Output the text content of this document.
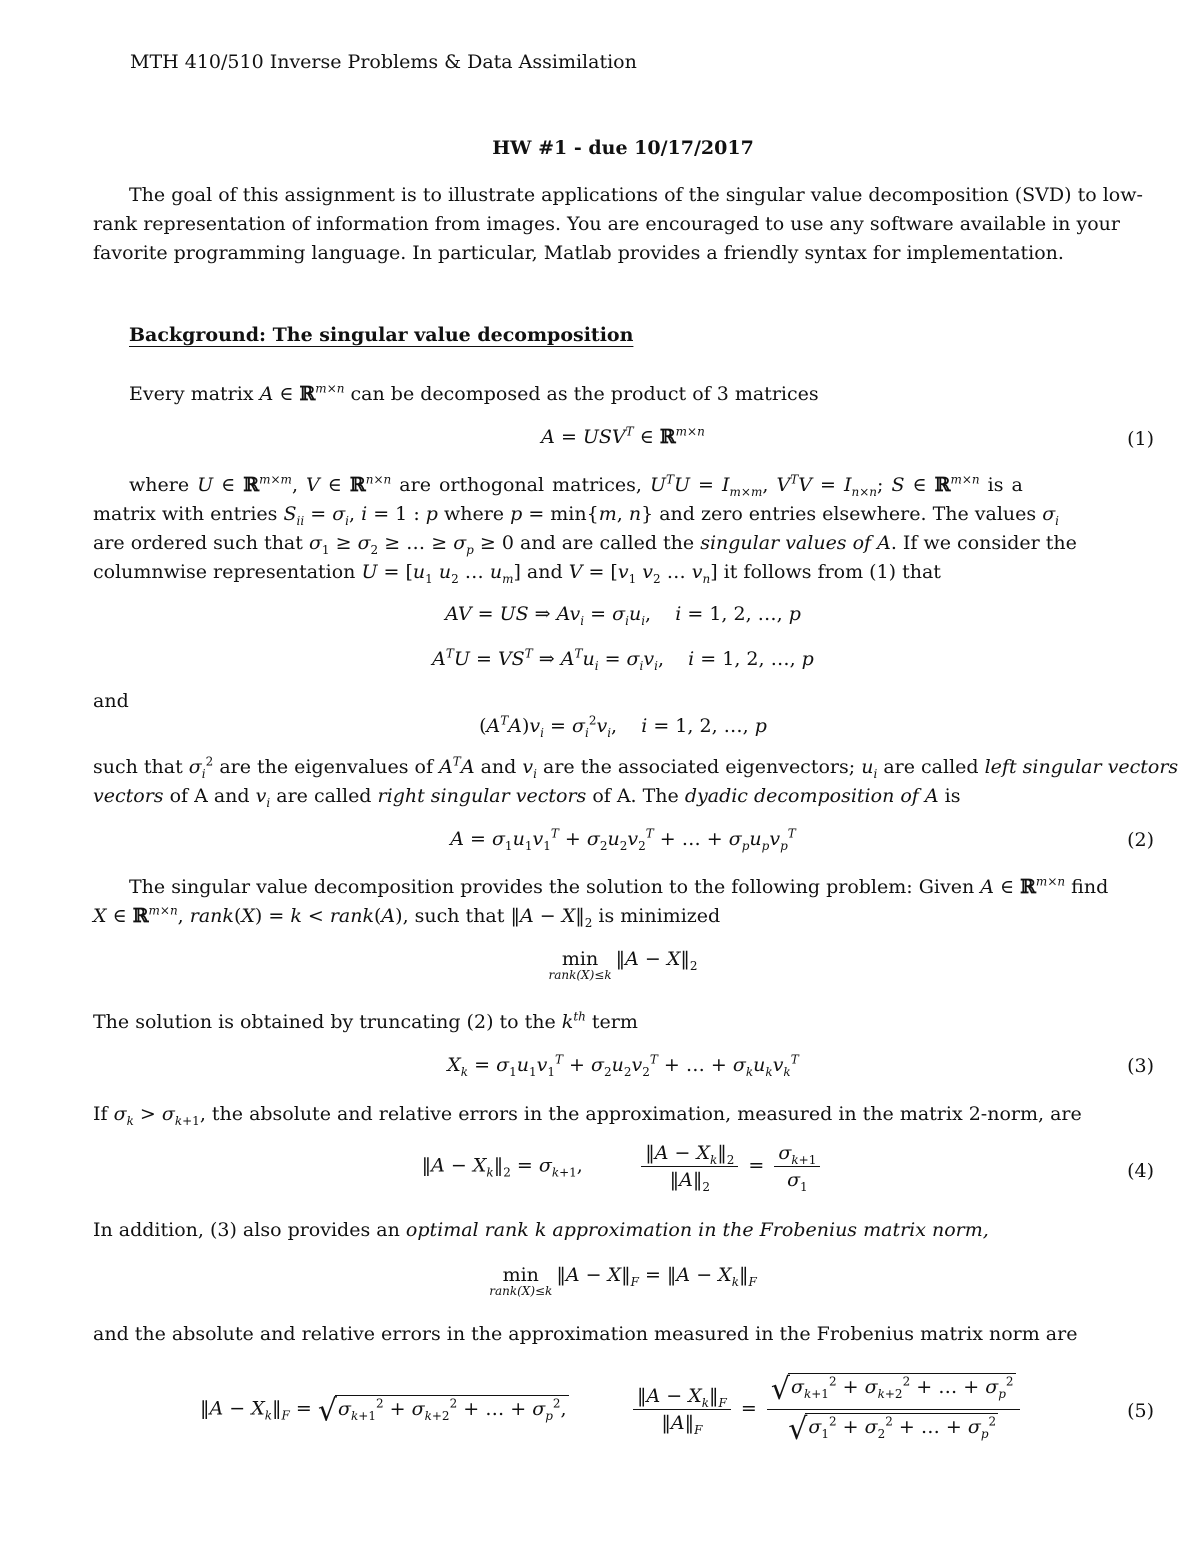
MTH 410/510 Inverse Problems & Data Assimilation
HW #1 - due 10/17/2017
The goal of this assignment is to illustrate applications of the singular value decomposition (SVD) to low-rank representation of information from images. You are encouraged to use any software available in your favorite programming language. In particular, Matlab provides a friendly syntax for implementation.
Background: The singular value decomposition
Every matrix A ∈ ℝ$^{m\times n}$ can be decomposed as the product of 3 matrices
$A = USV^T$ ∈ ℝ$^{m\times n}$	(1)
where U ∈ ℝ$^{m\times m}$, V ∈ ℝ$^{n\times n}$ are orthogonal matrices, $U^TU = I_{m\times m}$, $V^TV = I_{n\times n}$; S ∈ ℝ$^{m\times n}$ is a
matrix with entries $S_{ii} = \sigma_i$, i = 1 : p where p = min{m, n} and zero entries elsewhere. The values $\sigma_i$
are ordered such that $\sigma_1 \ge \sigma_2$ ≥ … ≥ $\sigma_p \ge 0$ and are called the singular values of A. If we consider the
columnwise representation $U = [u_1$ $u_2$ … $u_m$] and $V = [v_1$ $v_2$ … $v_n$] it follows from (1) that
AV = US ⇒ $Av_i = \sigma_iu_i$,    i = 1, 2, …, p
$A^TU = VS^T$ ⇒ $A^Tu_i = \sigma_iv_i$,    i = 1, 2, …, p
and
$(A^TA)v_i = \sigma_i^2v_i$,    i = 1, 2, …, p
such that $\sigma_i^2$ are the eigenvalues of $A^TA$ and $v_i$ are the associated eigenvectors; $u_i$ are called left singular vectors
vectors of A and $v_i$ are called right singular vectors of A. The dyadic decomposition of A is
$A = \sigma_1u_1v_1^T + \sigma_2u_2v_2^T$ + … + $\sigma_pu_pv_p^T$	(2)
The singular value decomposition provides the solution to the following problem: Given A ∈ ℝ$^{m\times n}$ find
X ∈ ℝ$^{m\times n}$, rank(X) = k < rank(A), such that ‖A − $X‖_2$ is minimized
min
rank(X)≤k
‖A − $X‖_2$
The solution is obtained by truncating (2) to the $k^{th}$ term
$X_k = \sigma_1u_1v_1^T + \sigma_2u_2v_2^T$ + … + $\sigma_ku_kv_k^T$	(3)
If $\sigma_k > \sigma_{k+1}$, the absolute and relative errors in the approximation, measured in the matrix 2-norm, are
‖A − $X_k‖_2 = \sigma_{k+1}$, $\frac{‖A - X_k‖_2}{‖A‖_2} = \frac{\sigma_{k+1}}{\sigma_1}$	(4)
In addition, (3) also provides an optimal rank k approximation in the Frobenius matrix norm,
min
rank(X)≤k
‖A − $X‖_F$ = ‖A − $X_k‖_F$
and the absolute and relative errors in the approximation measured in the Frobenius matrix norm are
‖A − $X_k‖_F = √\sigma_{k+1}^2 + \sigma_{k+2}^2$ + … + $\sigma_p^2$,	$\frac{‖A - X_k‖_F}{‖A‖_F} = \frac{√\sigma_{k+1}^2 + \sigma_{k+2}^2 + \dots + \sigma_p^2}{√\sigma_1^2 + \sigma_2^2 + \dots + \sigma_p^2}$	(5)
